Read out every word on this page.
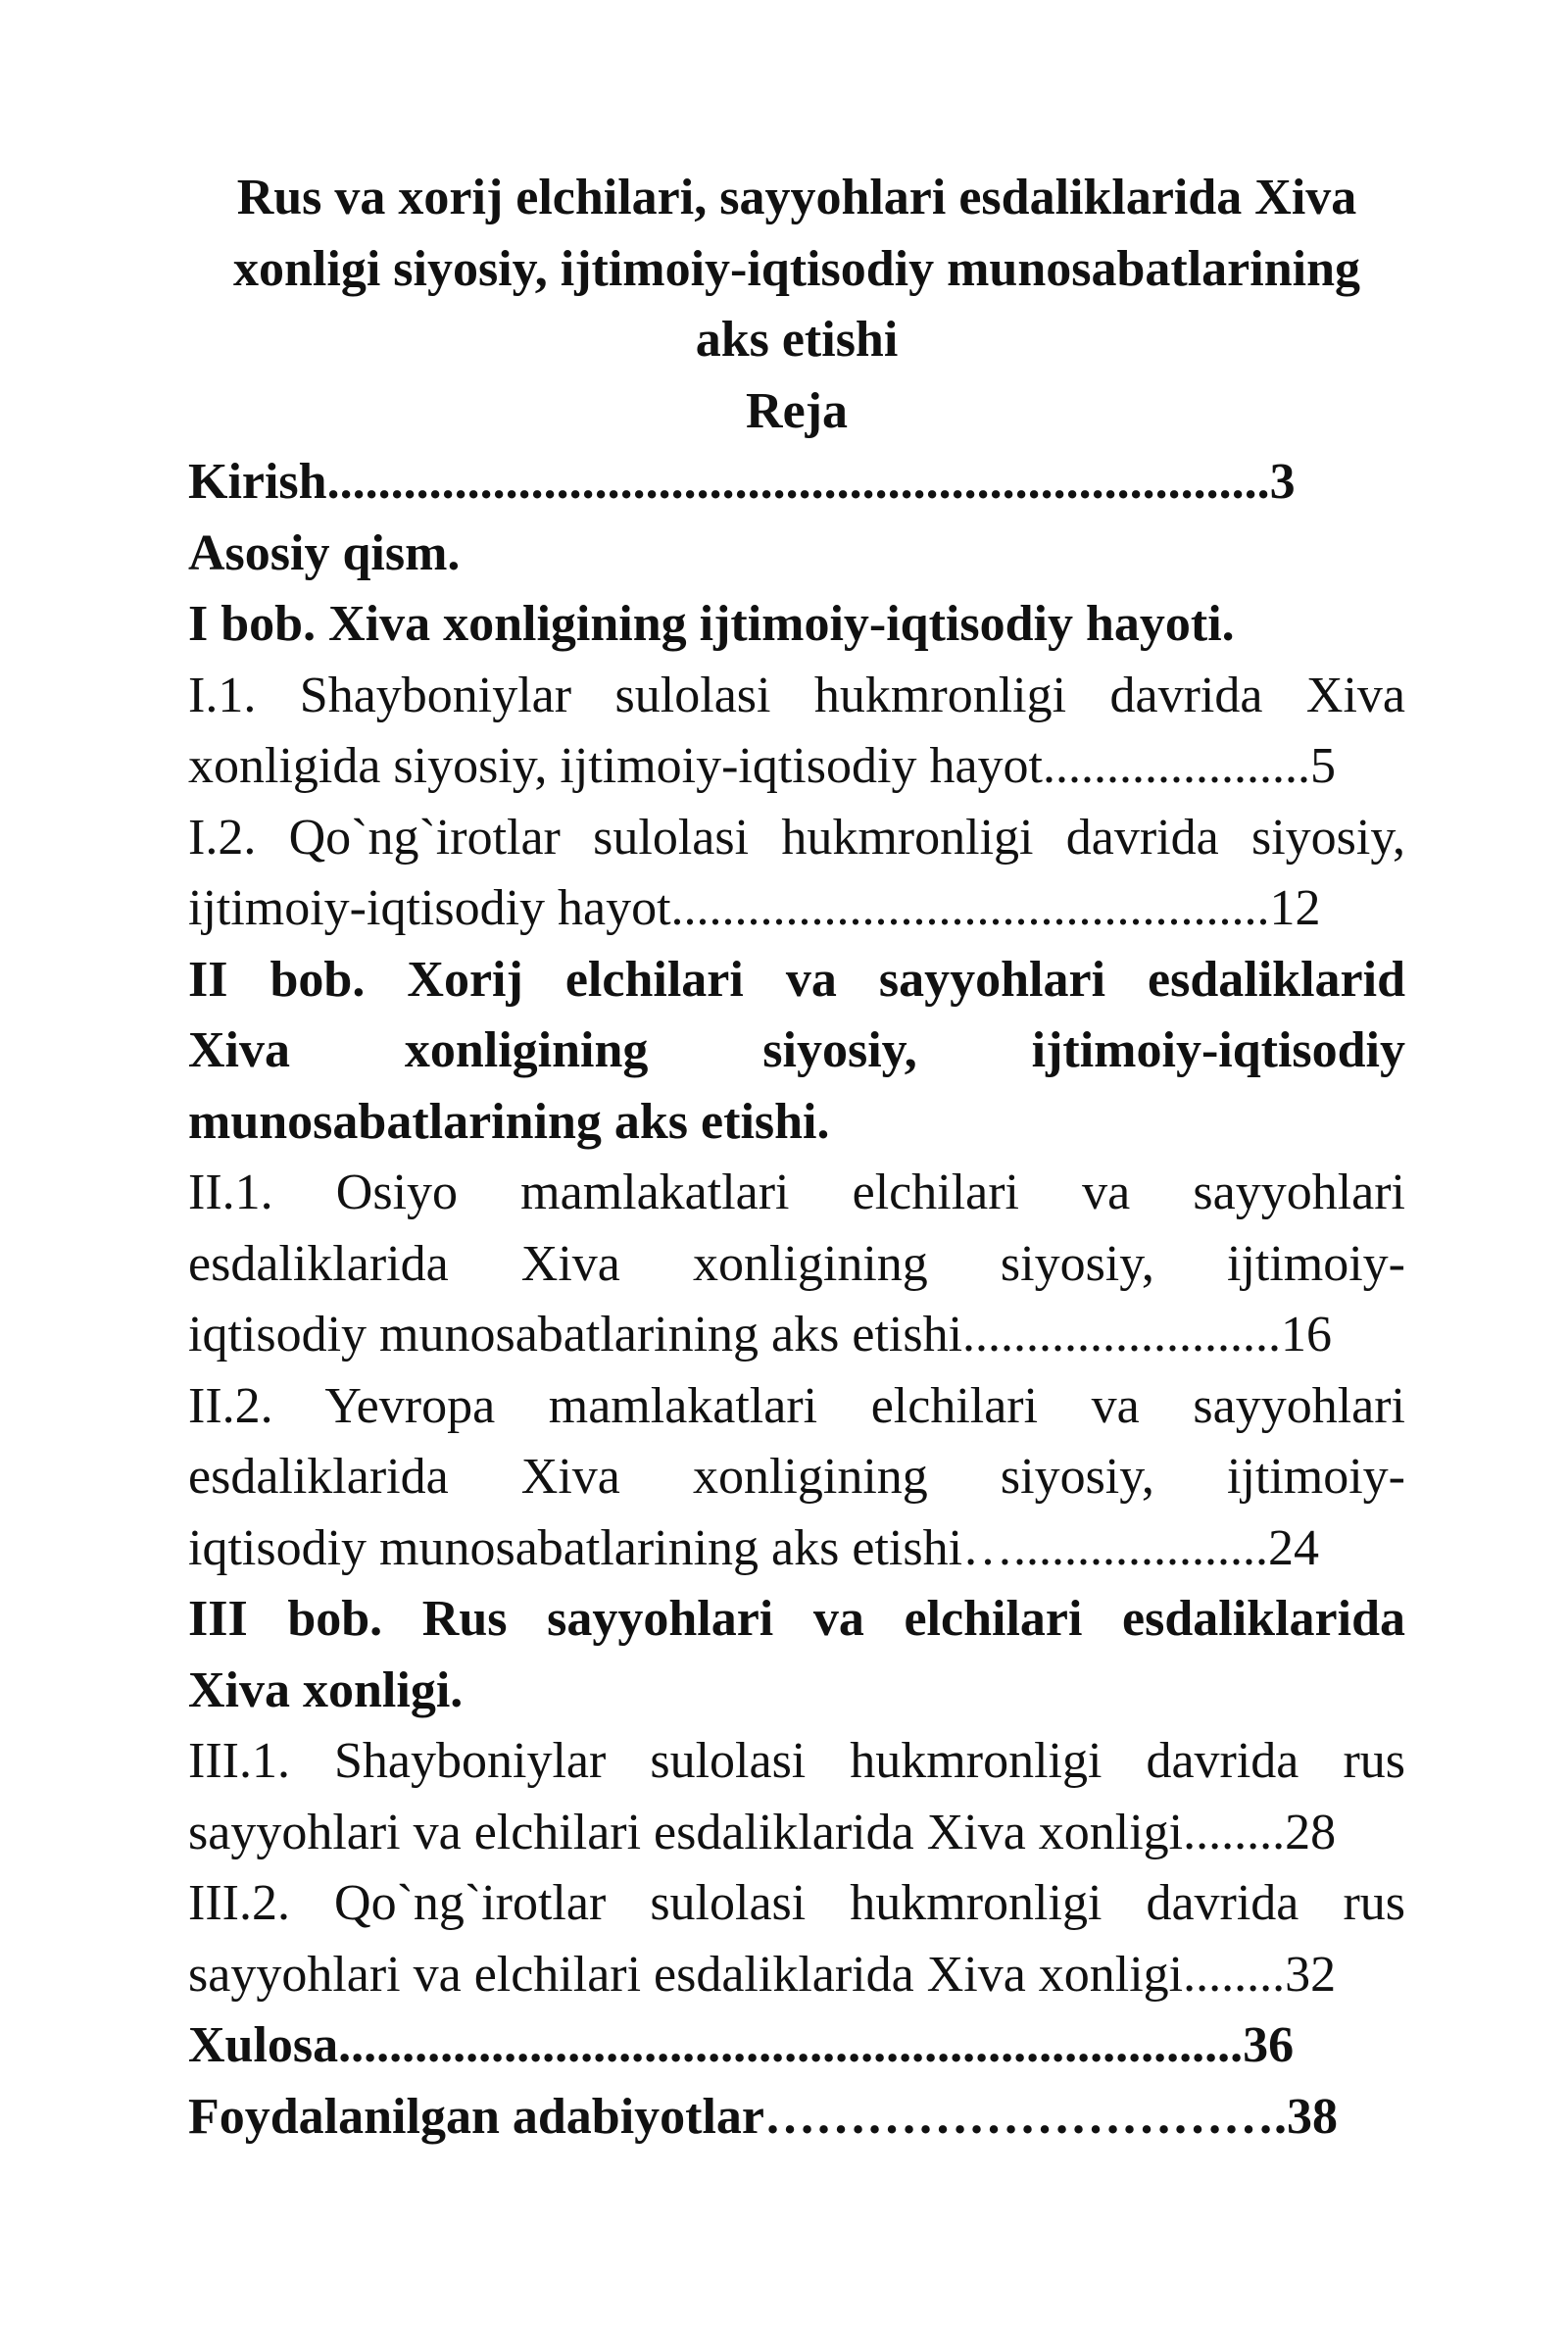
Rus va xorij elchilari, sayyohlari esdaliklarida Xiva
xonligi siyosiy, ijtimoiy-iqtisodiy munosabatlarining
aks etishi
Reja
Kirish..........................................................................3
Asosiy qism.
I bob. Xiva xonligining ijtimoiy-iqtisodiy hayoti.
I.1. Shayboniylar sulolasi hukmronligi davrida Xiva
xonligida siyosiy, ijtimoiy-iqtisodiy hayot.....................5
I.2. Qo`ng`irotlar sulolasi hukmronligi davrida siyosiy,
ijtimoiy-iqtisodiy hayot...............................................12
II bob. Xorij elchilari va sayyohlari esdaliklarid
Xiva xonligining siyosiy, ijtimoiy-iqtisodiy
munosabatlarining aks etishi.
II.1. Osiyo mamlakatlari elchilari va sayyohlari
esdaliklarida Xiva xonligining siyosiy, ijtimoiy-
iqtisodiy munosabatlarining aks etishi.........................16
II.2. Yevropa mamlakatlari elchilari va sayyohlari
esdaliklarida Xiva xonligining siyosiy, ijtimoiy-
iqtisodiy munosabatlarining aks etishi…....................24
III bob. Rus sayyohlari va elchilari esdaliklarida
Xiva xonligi.
III.1. Shayboniylar sulolasi hukmronligi davrida rus
sayyohlari va elchilari esdaliklarida Xiva xonligi........28
III.2. Qo`ng`irotlar sulolasi hukmronligi davrida rus
sayyohlari va elchilari esdaliklarida Xiva xonligi........32
Xulosa.......................................................................36
Foydalanilgan adabiyotlar………………………….38
